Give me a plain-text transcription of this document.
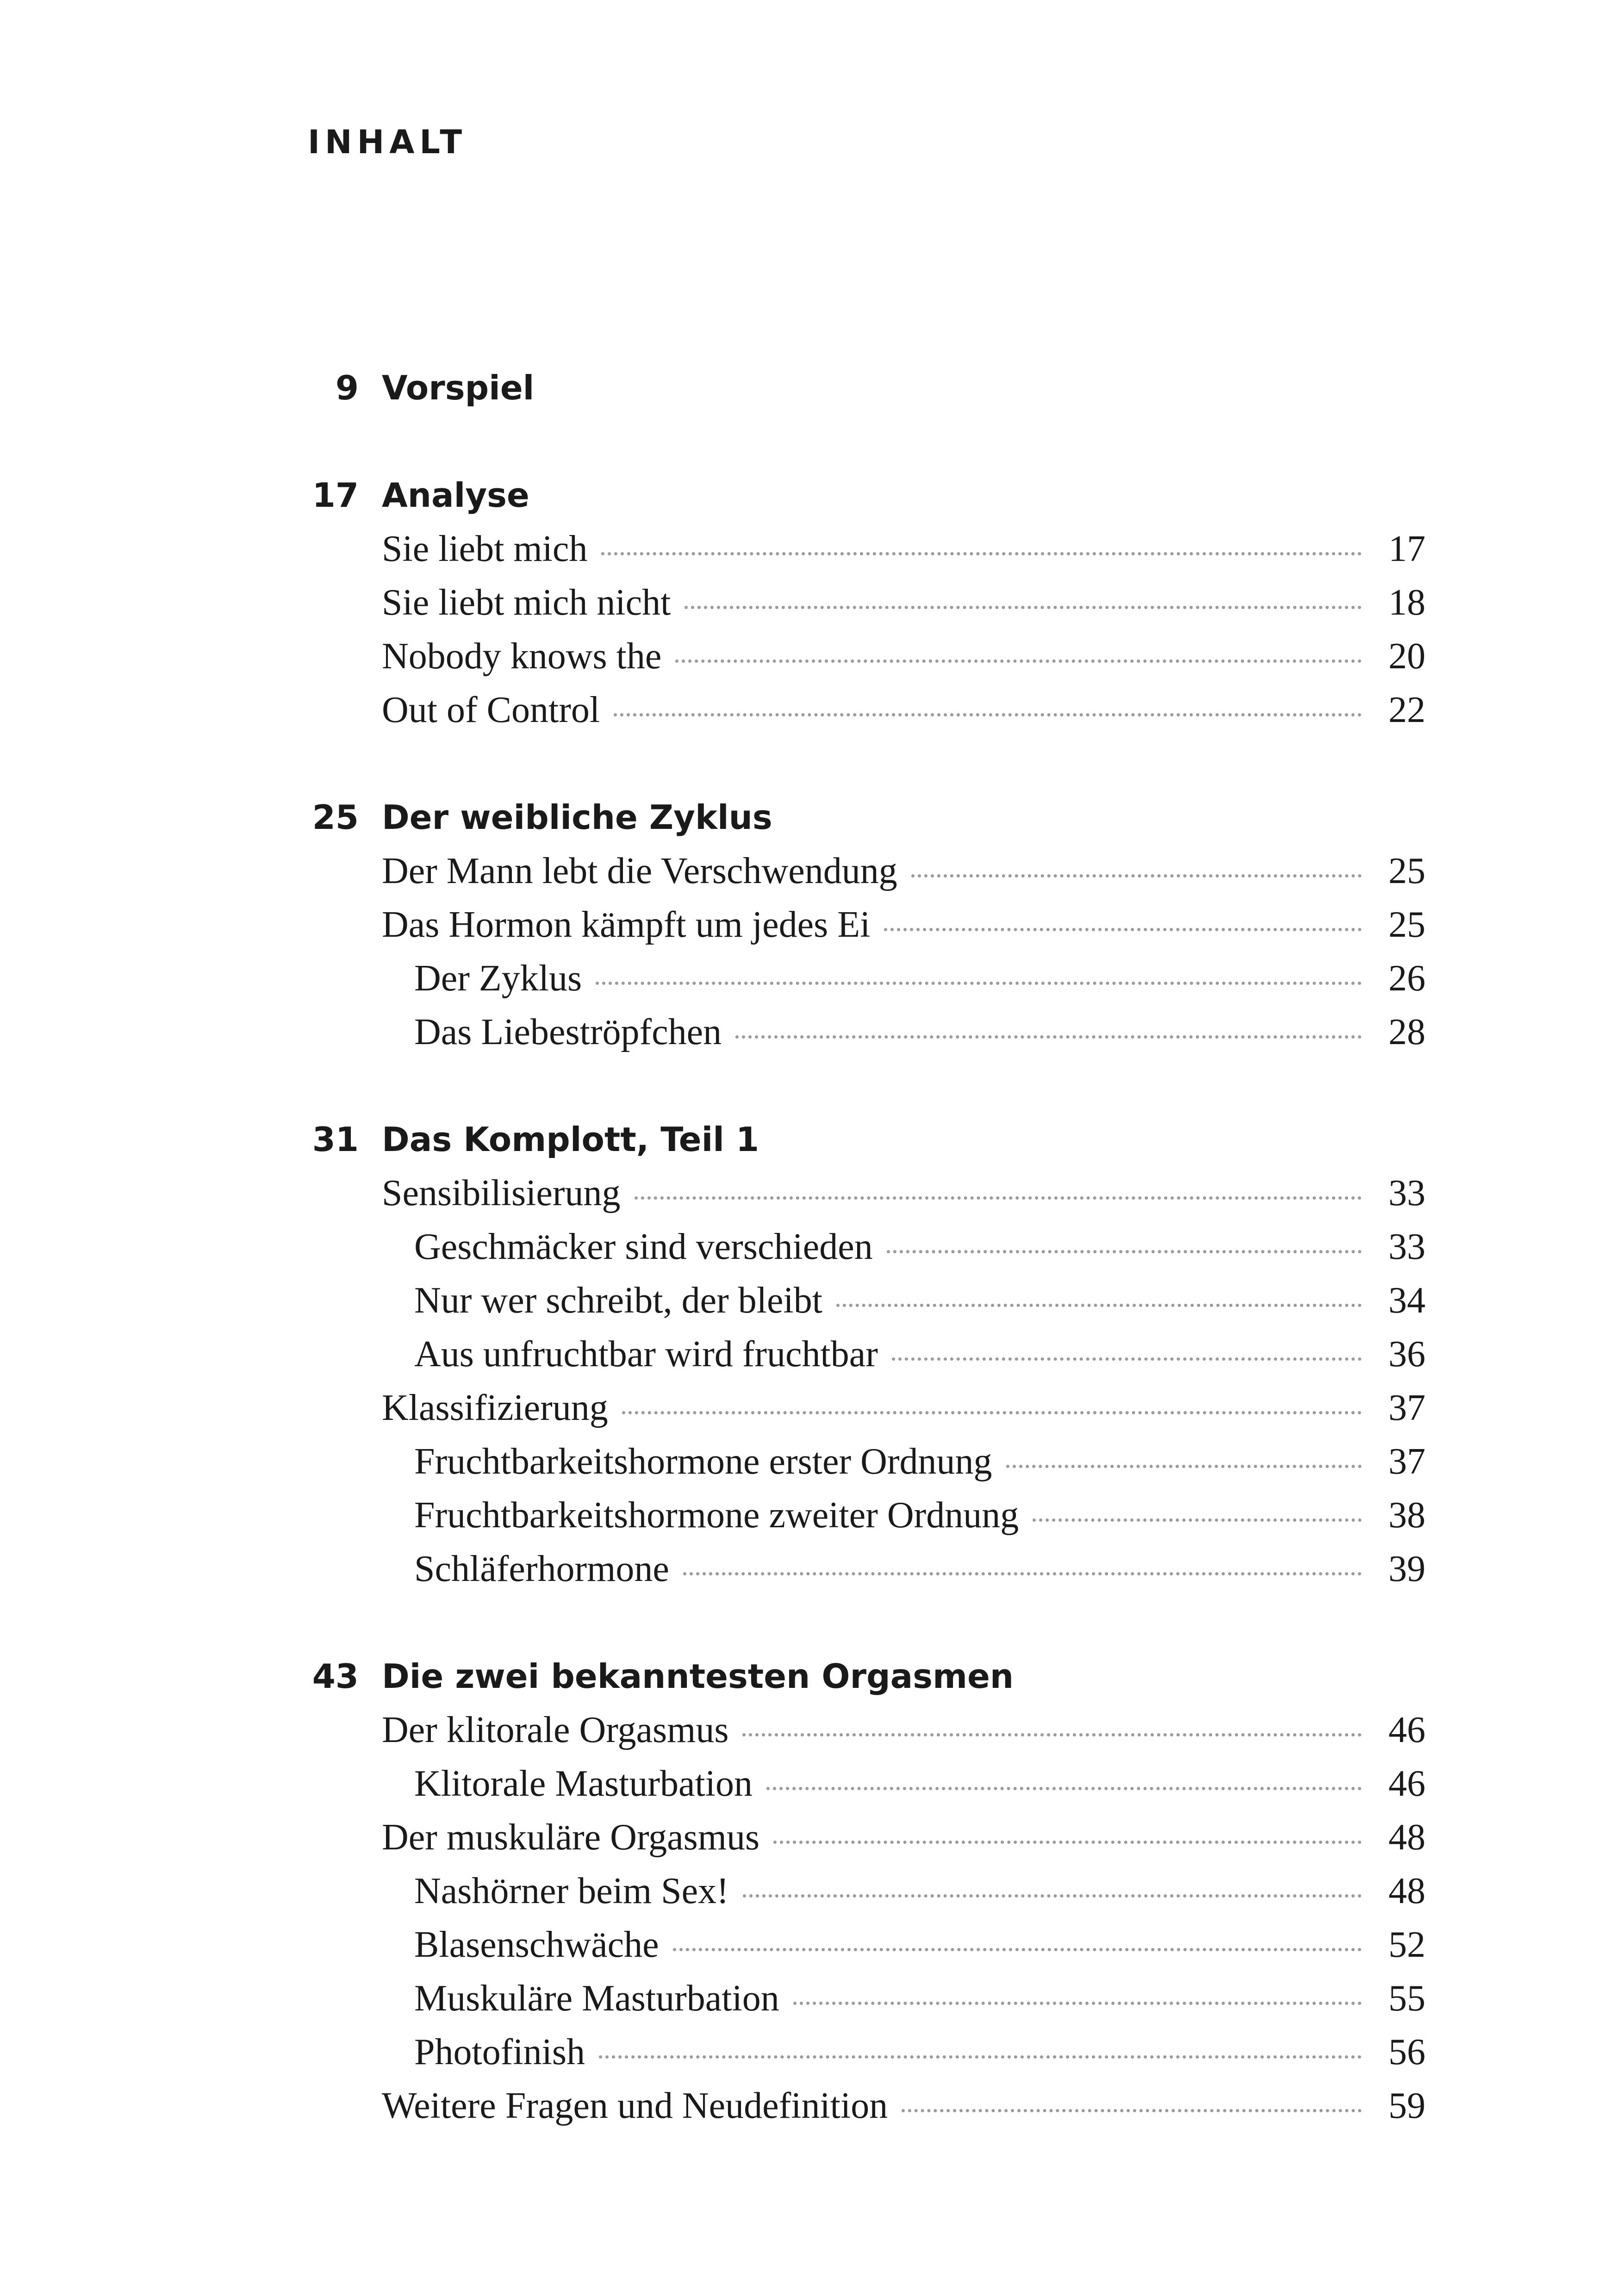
INHALT
9 Vorspiel
17 Analyse
Sie liebt mich	17
Sie liebt mich nicht	18
Nobody knows the	20
Out of Control	22
25 Der weibliche Zyklus
Der Mann lebt die Verschwendung	25
Das Hormon kämpft um jedes Ei	25
Der Zyklus	26
Das Liebeströpfchen	28
31 Das Komplott, Teil 1
Sensibilisierung	33
Geschmäcker sind verschieden	33
Nur wer schreibt, der bleibt	34
Aus unfruchtbar wird fruchtbar	36
Klassifizierung	37
Fruchtbarkeitshormone erster Ordnung	37
Fruchtbarkeitshormone zweiter Ordnung	38
Schläferhormone	39
43 Die zwei bekanntesten Orgasmen
Der klitorale Orgasmus	46
Klitorale Masturbation	46
Der muskuläre Orgasmus	48
Nashörner beim Sex!	48
Blasenschwäche	52
Muskuläre Masturbation	55
Photofinish	56
Weitere Fragen und Neudefinition	59
